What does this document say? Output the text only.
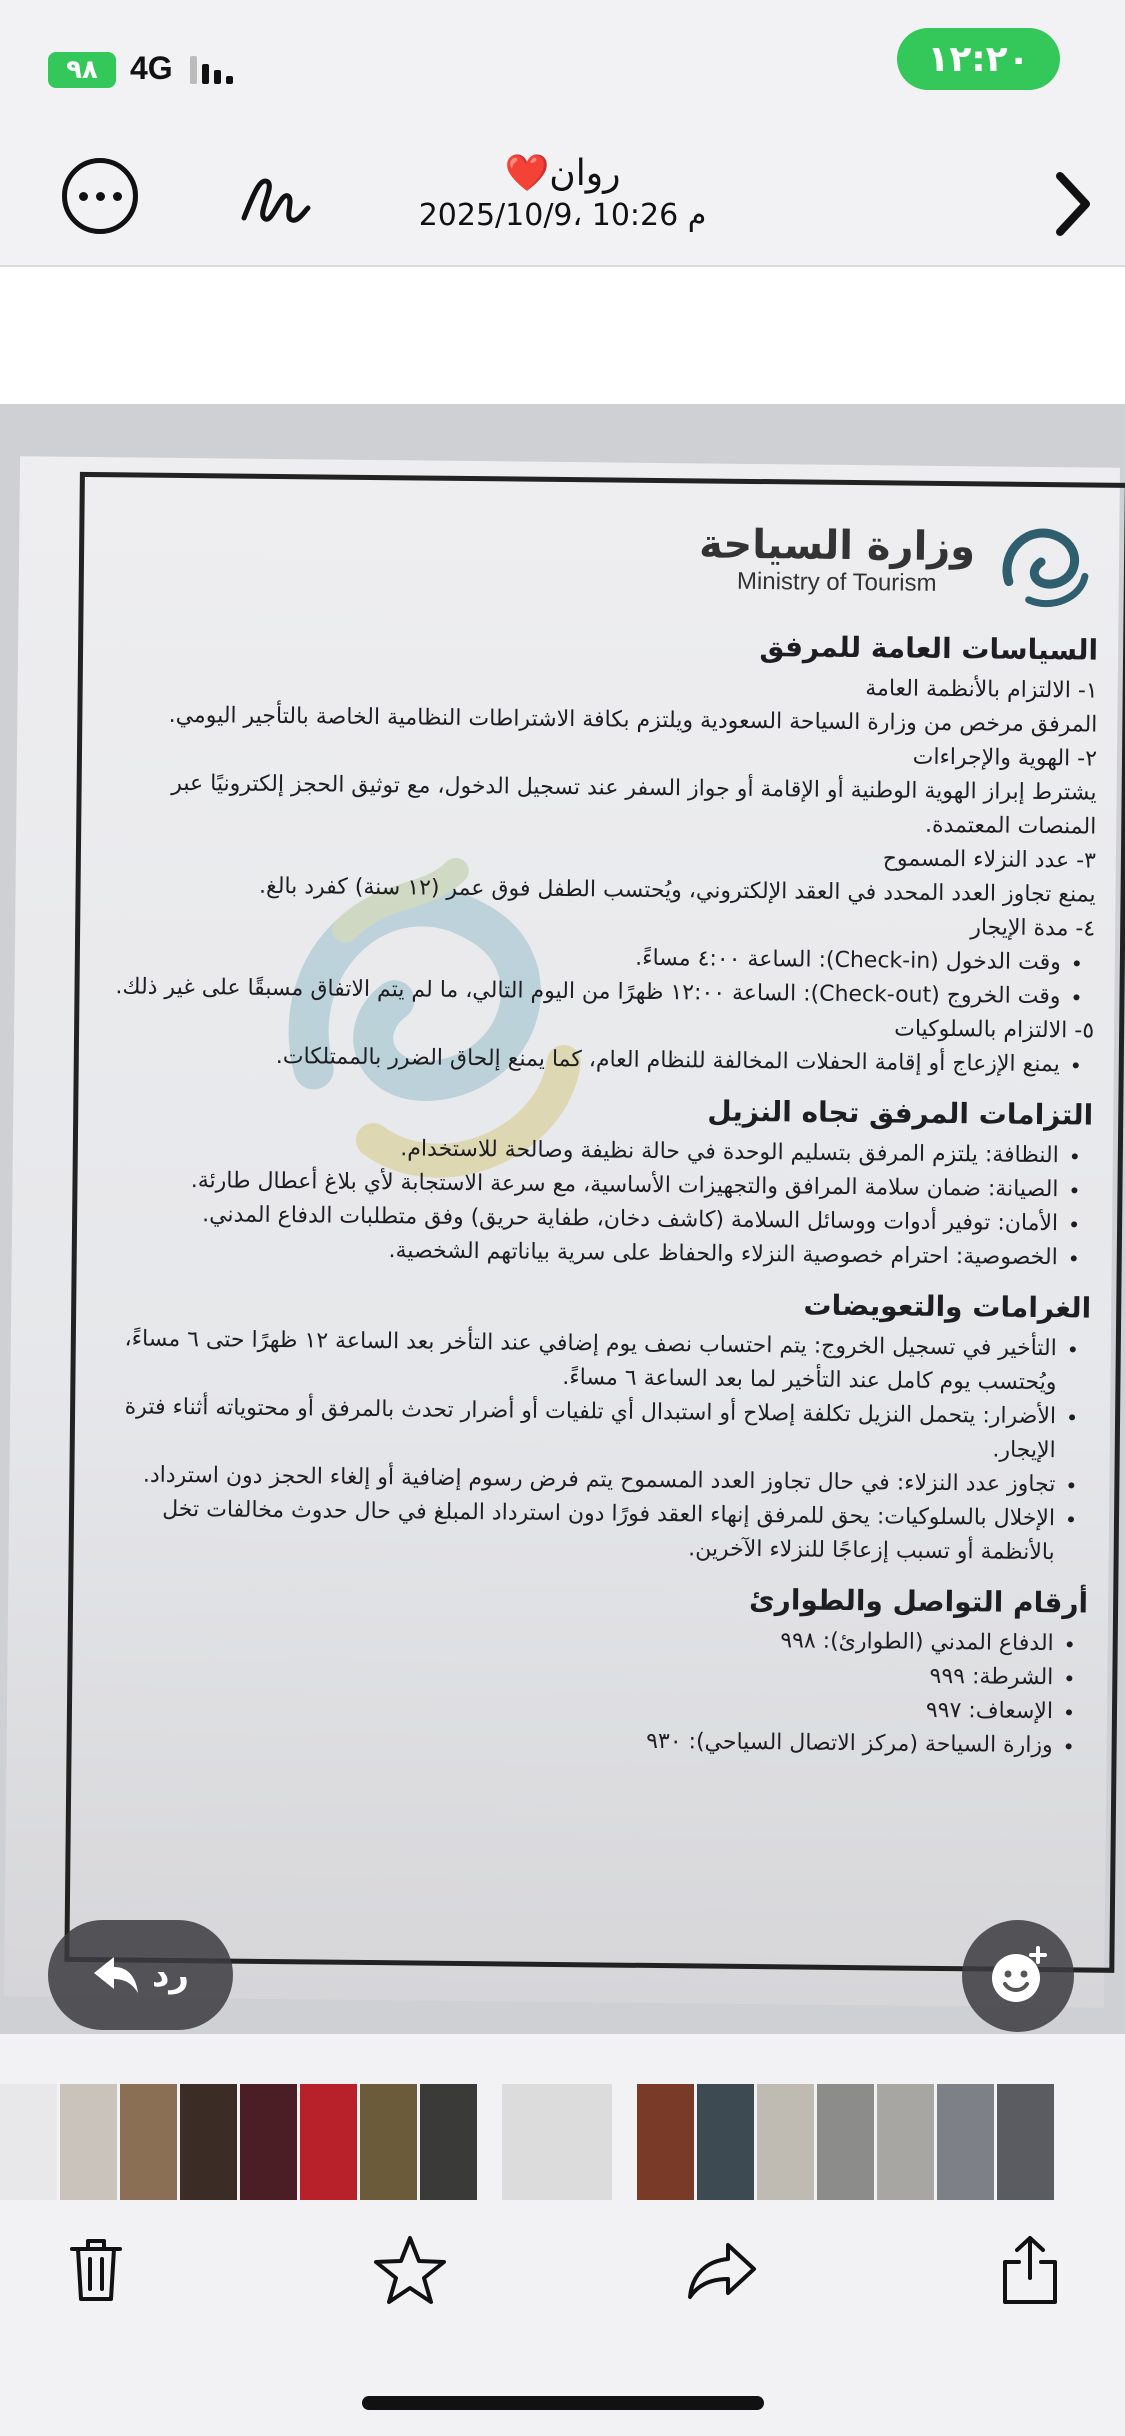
٩٨ 4G	١٢:٢٠
روان❤️
2025/10/9، 10:26 م
وزارة السياحة
Ministry of Tourism
السياسات العامة للمرفق

١- الالتزام بالأنظمة العامة

المرفق مرخص من وزارة السياحة السعودية ويلتزم بكافة الاشتراطات النظامية الخاصة بالتأجير اليومي.

٢- الهوية والإجراءات

يشترط إبراز الهوية الوطنية أو الإقامة أو جواز السفر عند تسجيل الدخول، مع توثيق الحجز إلكترونيًا عبر المنصات المعتمدة.

٣- عدد النزلاء المسموح

يمنع تجاوز العدد المحدد في العقد الإلكتروني، ويُحتسب الطفل فوق عمر (١٢ سنة) كفرد بالغ.

٤- مدة الإيجار

• وقت الدخول (Check-in): الساعة ٤:٠٠ مساءً.
• وقت الخروج (Check-out): الساعة ١٢:٠٠ ظهرًا من اليوم التالي، ما لم يتم الاتفاق مسبقًا على غير ذلك.

٥- الالتزام بالسلوكيات

• يمنع الإزعاج أو إقامة الحفلات المخالفة للنظام العام، كما يمنع إلحاق الضرر بالممتلكات.
التزامات المرفق تجاه النزيل
• النظافة: يلتزم المرفق بتسليم الوحدة في حالة نظيفة وصالحة للاستخدام.
• الصيانة: ضمان سلامة المرافق والتجهيزات الأساسية، مع سرعة الاستجابة لأي بلاغ أعطال طارئة.
• الأمان: توفير أدوات ووسائل السلامة (كاشف دخان، طفاية حريق) وفق متطلبات الدفاع المدني.
• الخصوصية: احترام خصوصية النزلاء والحفاظ على سرية بياناتهم الشخصية.
الغرامات والتعويضات
• التأخير في تسجيل الخروج: يتم احتساب نصف يوم إضافي عند التأخر بعد الساعة ١٢ ظهرًا حتى ٦ مساءً، ويُحتسب يوم كامل عند التأخير لما بعد الساعة ٦ مساءً.
• الأضرار: يتحمل النزيل تكلفة إصلاح أو استبدال أي تلفيات أو أضرار تحدث بالمرفق أو محتوياته أثناء فترة الإيجار.
• تجاوز عدد النزلاء: في حال تجاوز العدد المسموح يتم فرض رسوم إضافية أو إلغاء الحجز دون استرداد.
• الإخلال بالسلوكيات: يحق للمرفق إنهاء العقد فورًا دون استرداد المبلغ في حال حدوث مخالفات تخل بالأنظمة أو تسبب إزعاجًا للنزلاء الآخرين.
أرقام التواصل والطوارئ
• الدفاع المدني (الطوارئ): ٩٩٨
• الشرطة: ٩٩٩
• الإسعاف: ٩٩٧
• وزارة السياحة (مركز الاتصال السياحي): ٩٣٠
رد
